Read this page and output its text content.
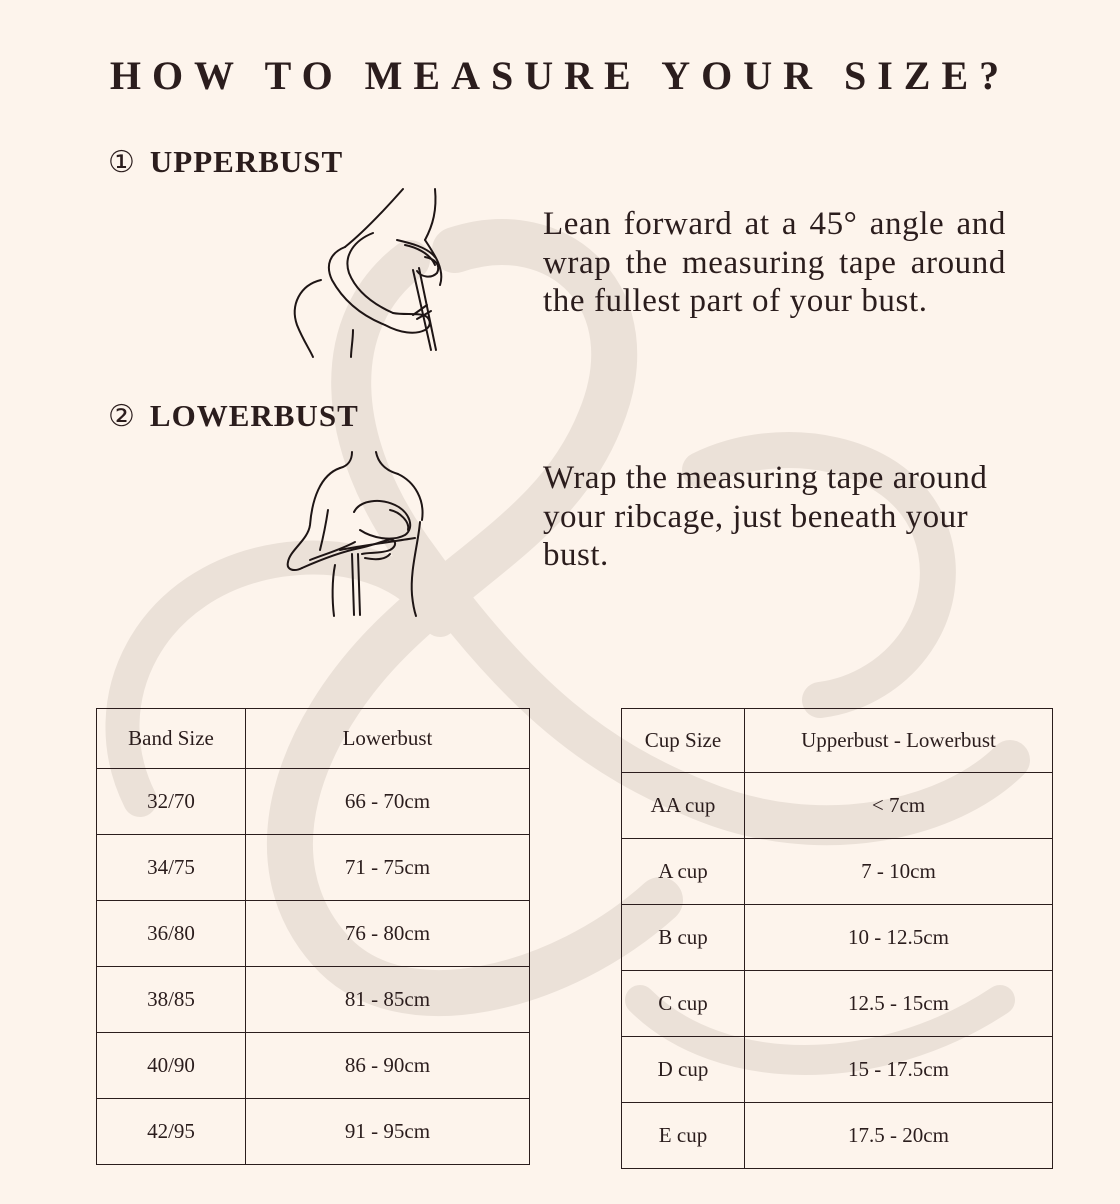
HOW TO MEASURE YOUR SIZE?
① UPPERBUST
Lean forward at a 45° angle and wrap the measuring tape around the fullest part of your bust.
② LOWERBUST
Wrap the measuring tape around your ribcage, just beneath your bust.
Band Size	Lowerbust
32/70	66 - 70cm
34/75	71 - 75cm
36/80	76 - 80cm
38/85	81 - 85cm
40/90	86 - 90cm
42/95	91 - 95cm
Cup Size	Upperbust - Lowerbust
AA cup	< 7cm
A cup	7 - 10cm
B cup	10 - 12.5cm
C cup	12.5 - 15cm
D cup	15 - 17.5cm
E cup	17.5 - 20cm
